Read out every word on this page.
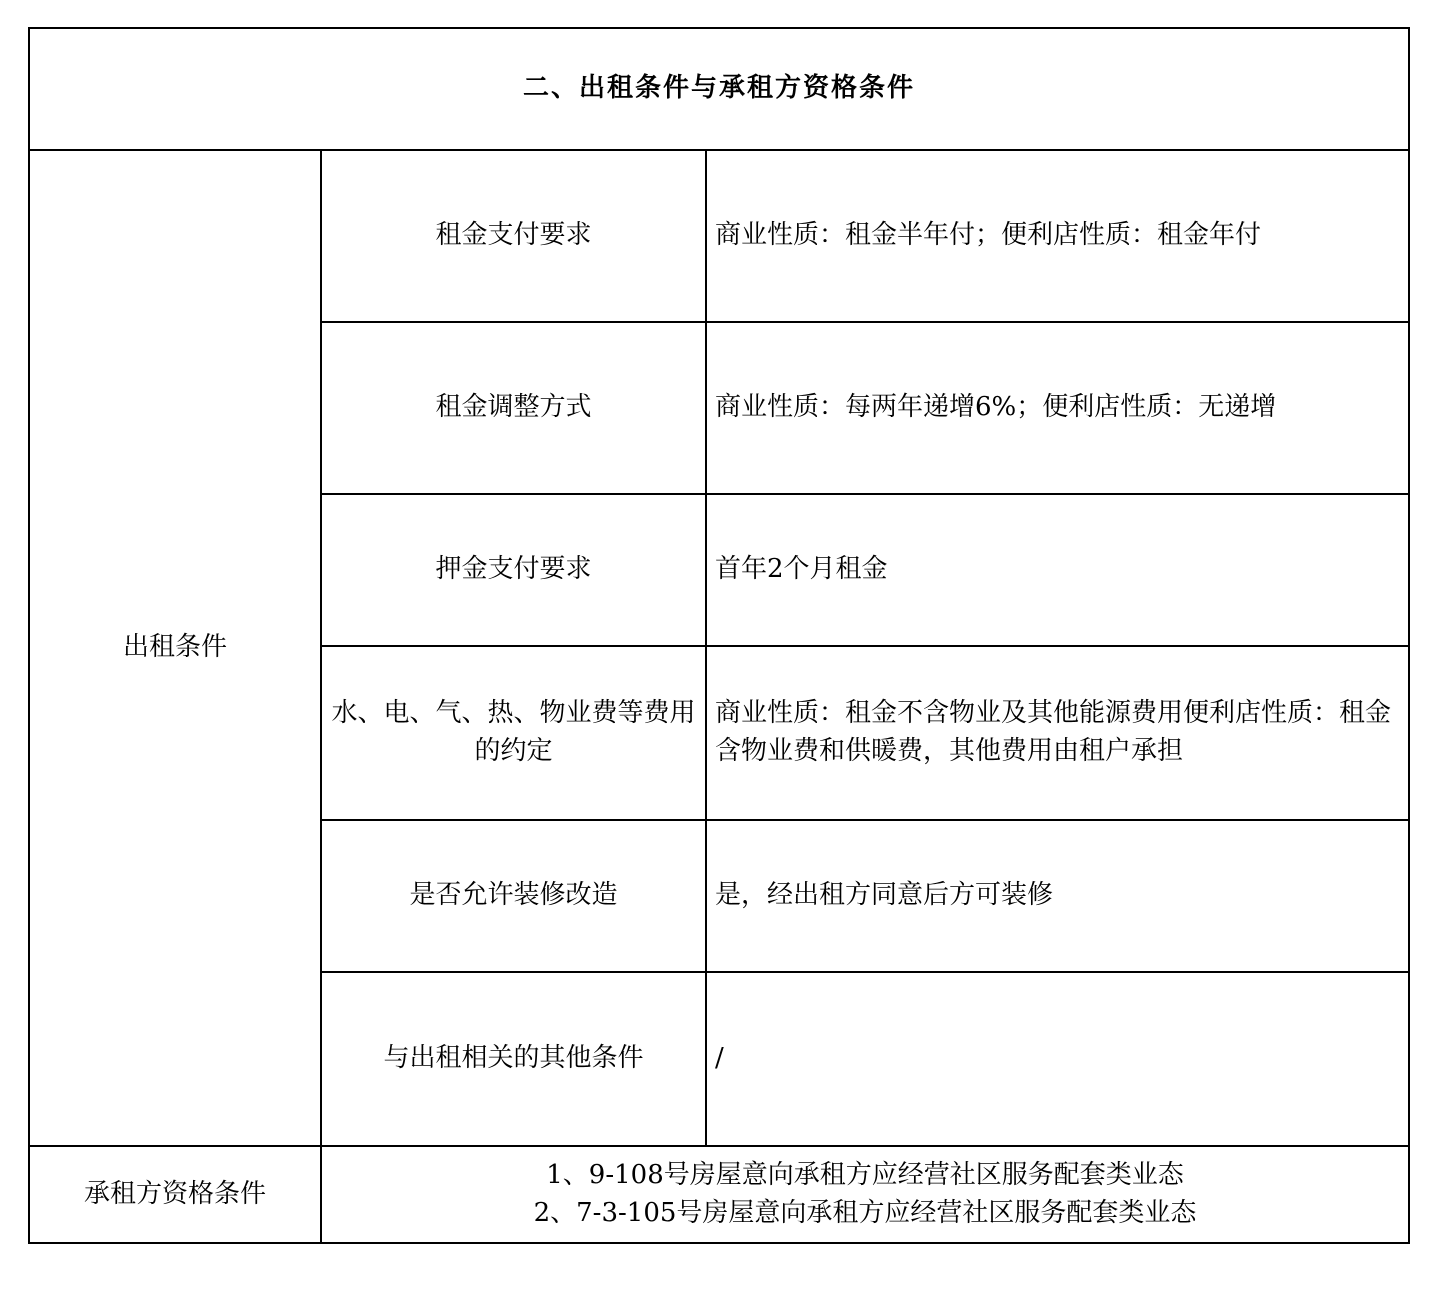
二、出租条件与承租方资格条件		
出租条件	租金支付要求	商业性质：租金半年付；便利店性质：租金年付
	租金调整方式	商业性质：每两年递增6%；便利店性质：无递增
	押金支付要求	首年2个月租金
	水、电、气、热、物业费等费用的约定	商业性质：租金不含物业及其他能源费用便利店性质：租金含物业费和供暖费，其他费用由租户承担
	是否允许装修改造	是，经出租方同意后方可装修
	与出租相关的其他条件	/
承租方资格条件	1、9-108号房屋意向承租方应经营社区服务配套类业态
2、7-3-105号房屋意向承租方应经营社区服务配套类业态	
